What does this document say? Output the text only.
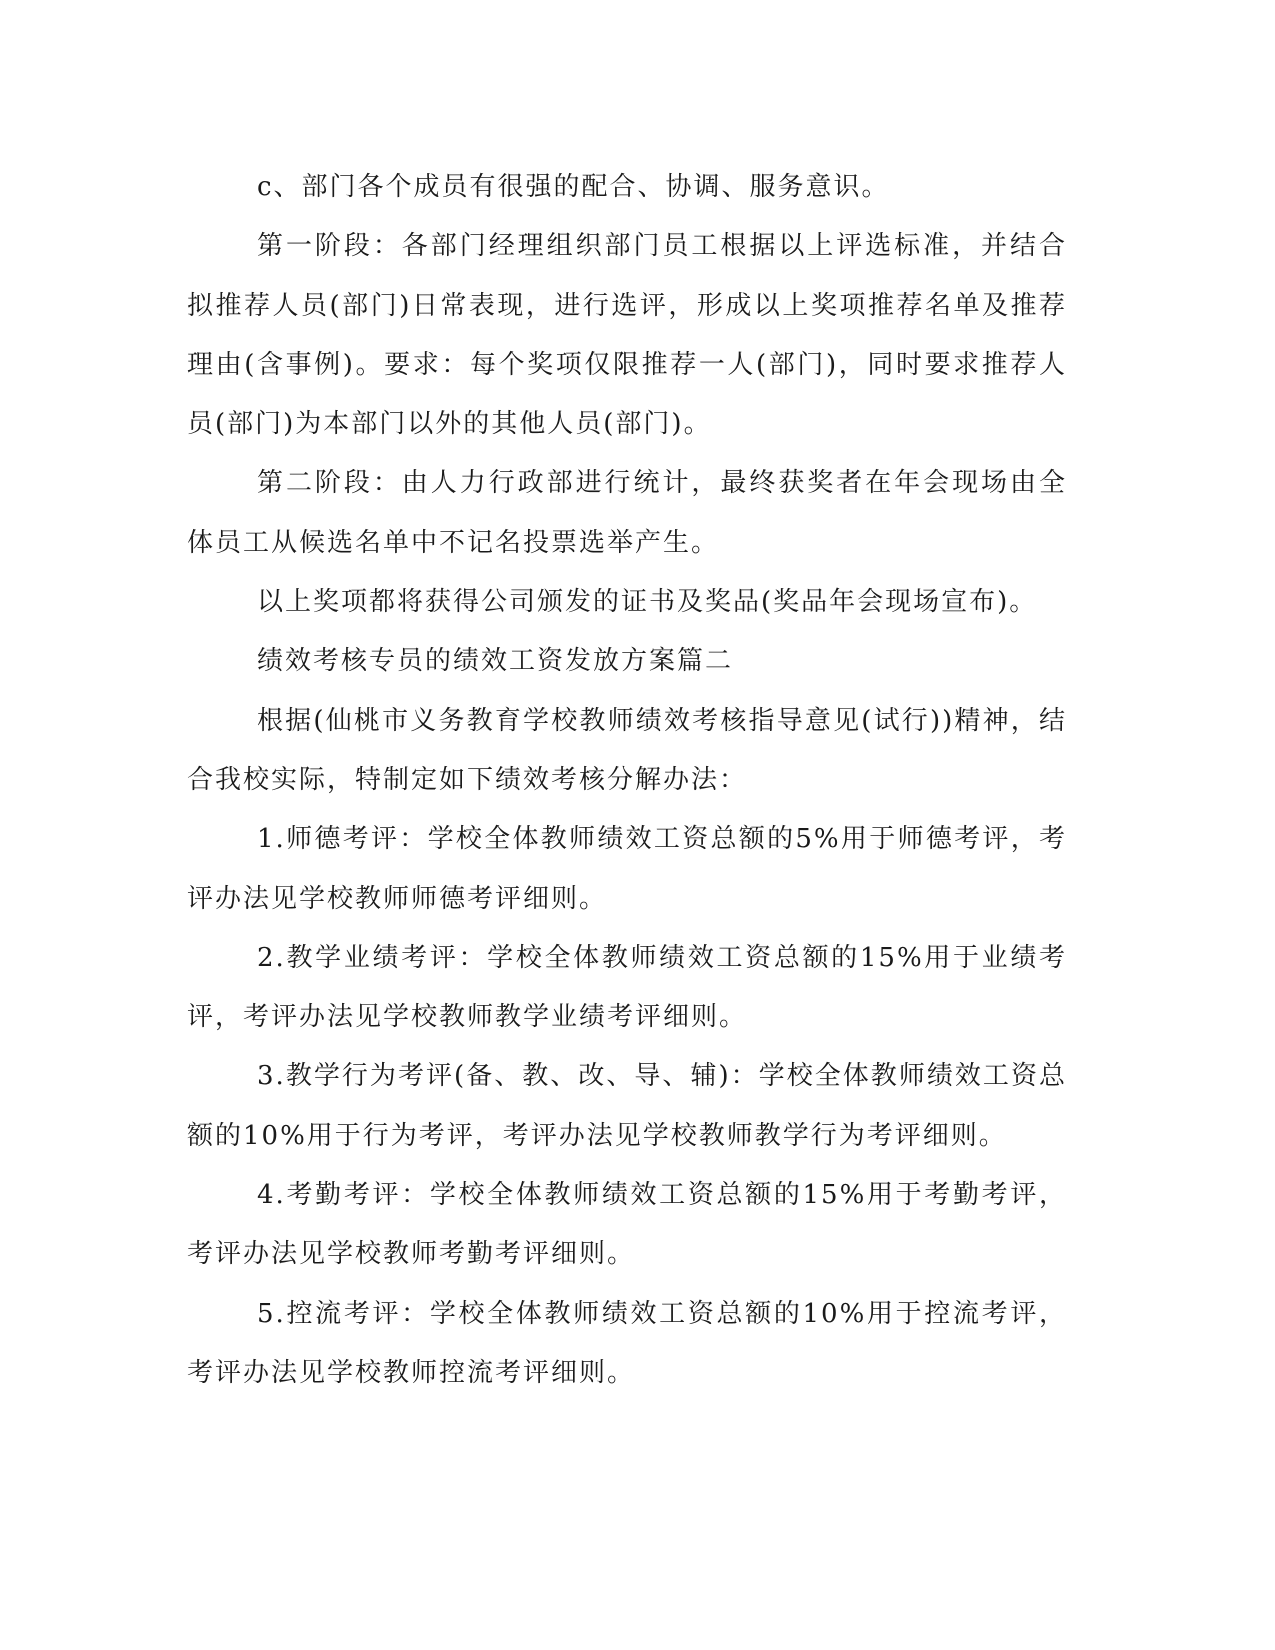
c、部门各个成员有很强的配合、协调、服务意识。

第一阶段：各部门经理组织部门员工根据以上评选标准，并结合拟推荐人员(部门)日常表现，进行选评，形成以上奖项推荐名单及推荐理由(含事例)。要求：每个奖项仅限推荐一人(部门)，同时要求推荐人员(部门)为本部门以外的其他人员(部门)。

第二阶段：由人力行政部进行统计，最终获奖者在年会现场由全体员工从候选名单中不记名投票选举产生。

以上奖项都将获得公司颁发的证书及奖品(奖品年会现场宣布)。

绩效考核专员的绩效工资发放方案篇二

根据(仙桃市义务教育学校教师绩效考核指导意见(试行))精神，结合我校实际，特制定如下绩效考核分解办法：

1.师德考评：学校全体教师绩效工资总额的5%用于师德考评，考评办法见学校教师师德考评细则。

2.教学业绩考评：学校全体教师绩效工资总额的15%用于业绩考评，考评办法见学校教师教学业绩考评细则。

3.教学行为考评(备、教、改、导、辅)：学校全体教师绩效工资总额的10%用于行为考评，考评办法见学校教师教学行为考评细则。

4.考勤考评：学校全体教师绩效工资总额的15%用于考勤考评，考评办法见学校教师考勤考评细则。

5.控流考评：学校全体教师绩效工资总额的10%用于控流考评，考评办法见学校教师控流考评细则。
